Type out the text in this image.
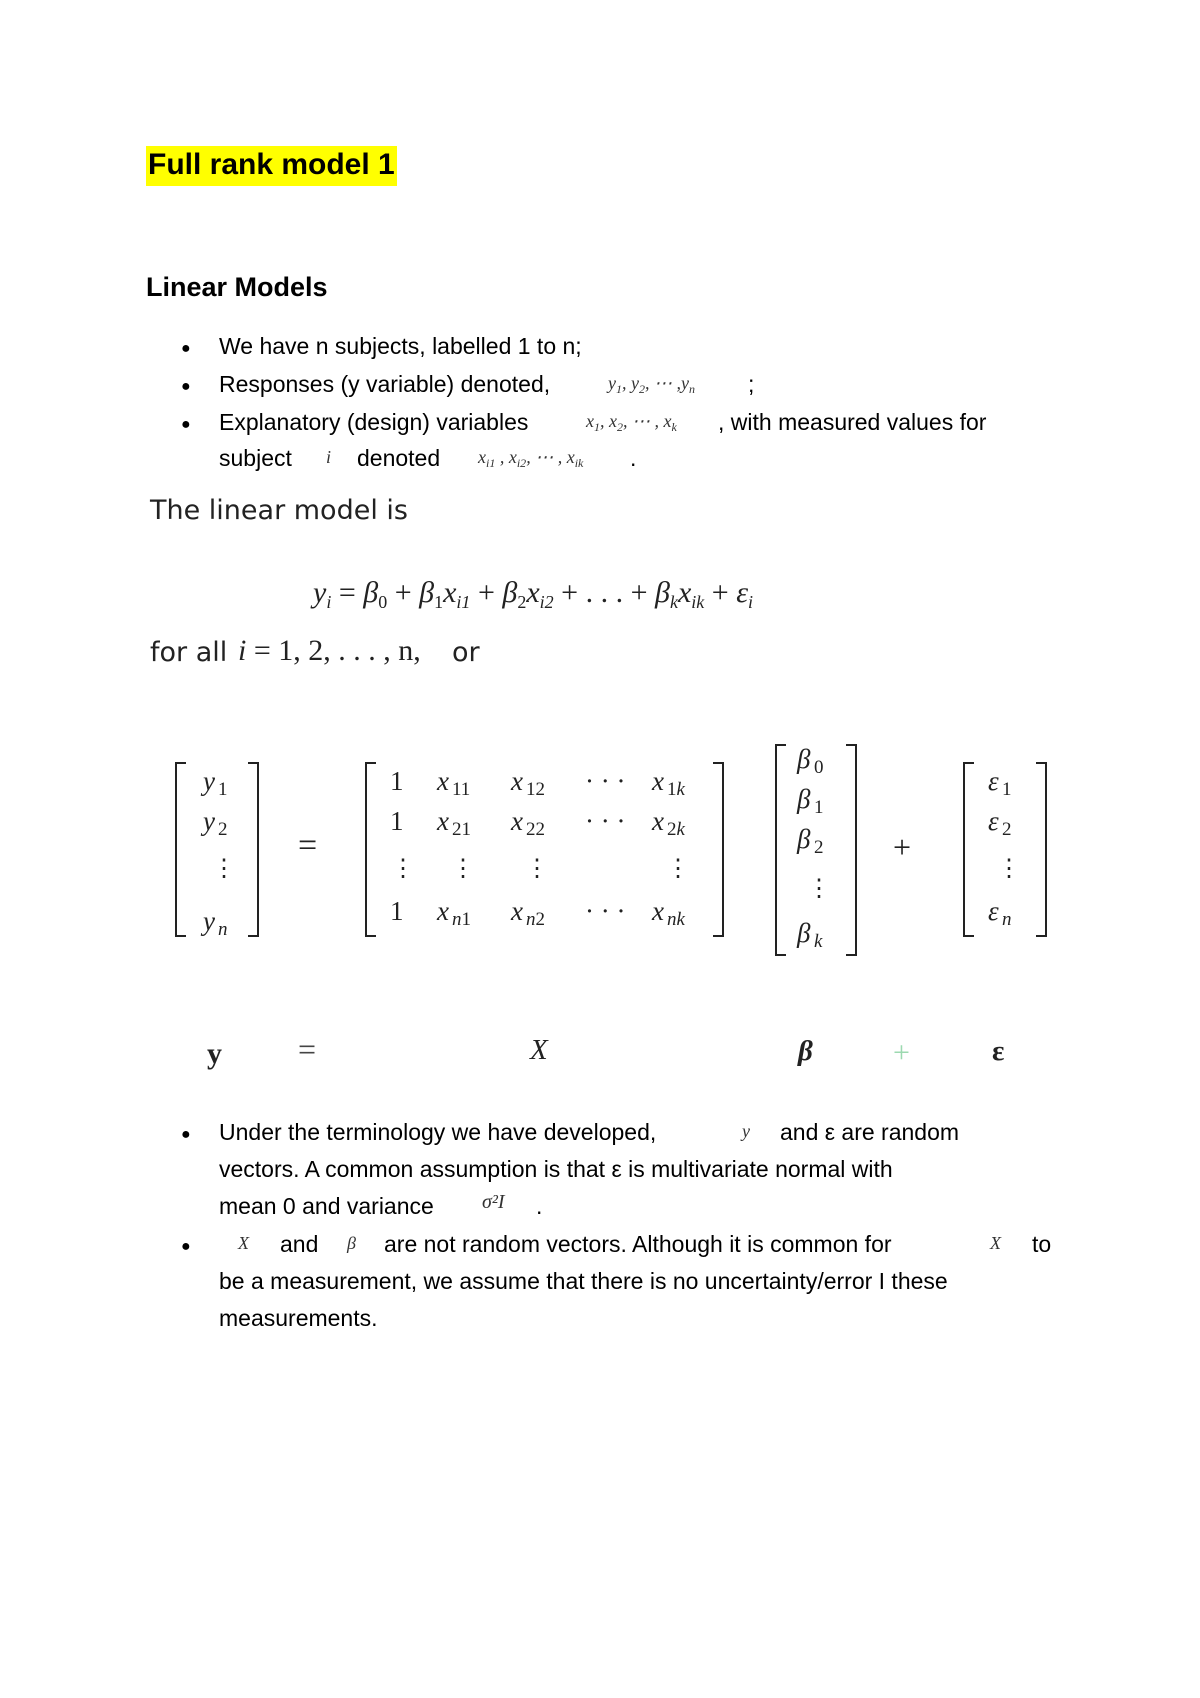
Full rank model 1
Linear Models
● We have n subjects, labelled 1 to n;
● Responses (y variable) denoted,	$y_1$, $y_2$, ⋯ $,y_n$ ;
● Explanatory (design) variables	$x_1$, $x_2$, ⋯ , $x_k$ , with measured values for
subject i denoted $x_{i1}$ , $x_{i2}$, ⋯ , $x_{ik}$ .
The linear model is
$y_i = \beta_0 + \beta_1x_{i1} + \beta_2x_{i2}$ + . . . + $\beta_kx_{ik} + \varepsilon_i$
for all i = 1, 2, . . . , n, or
y 1
y 2
⋮
y n
=
1 x 11 x 12 · · · x 1k
1 x 21 x 22 · · · x 2k
⋮ ⋮ ⋮	⋮
1 x n1 x n2 · · · x nk
β 0
β 1
β 2
⋮
β k
+
ε 1
ε 2
⋮
ε n
y =	X	β	+	ε
● Under the terminology we have developed,	y and ε are random
vectors. A common assumption is that ε is multivariate normal with
mean 0 and variance σ²I .
●	X and β are not random vectors. Although it is common for	X to
be a measurement, we assume that there is no uncertainty/error I these
measurements.
